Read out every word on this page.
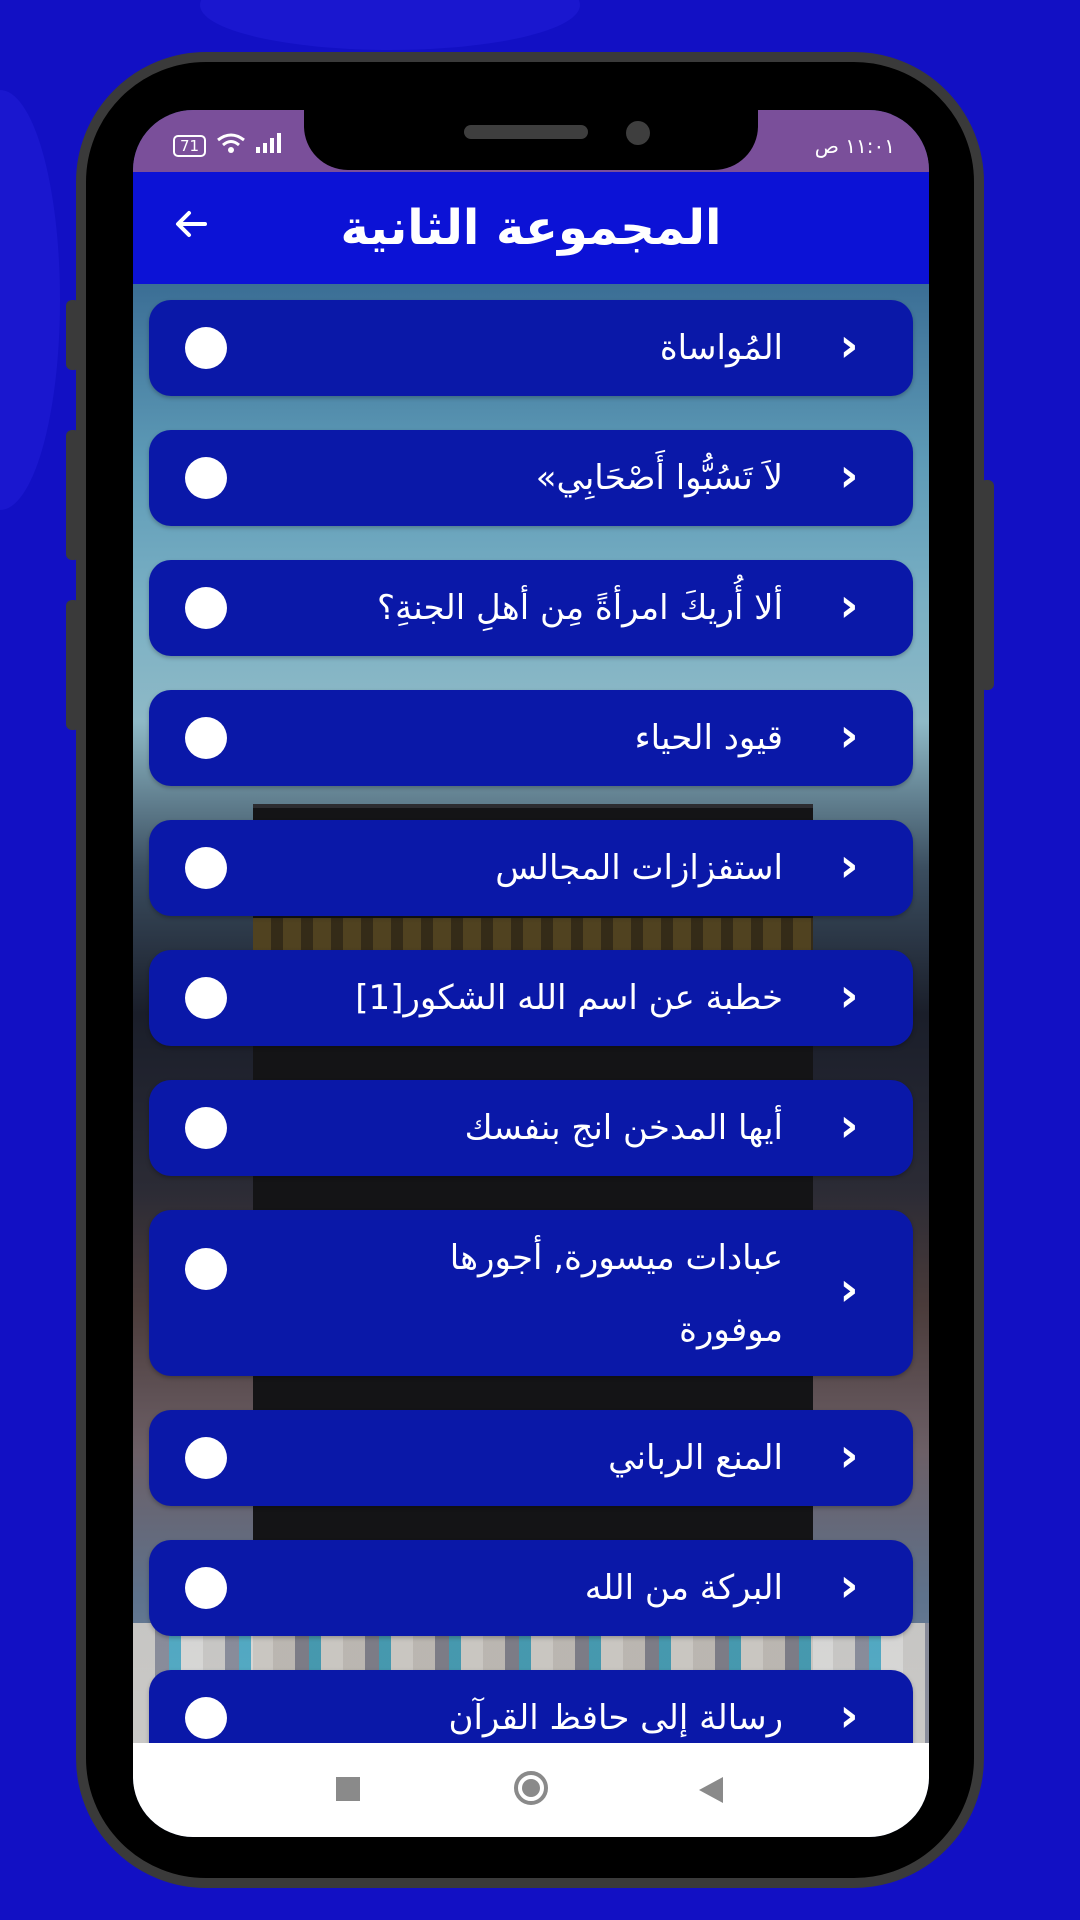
71	١١:٠١ ص
المجموعة الثانية
المُواساة ›
لاَ تَسُبُّوا أَصْحَابِي» ›
ألا أُريكَ امرأةً مِن أهلِ الجنةِ؟ ›
قيود الحياء ›
استفزازات المجالس ›
خطبة عن اسم الله الشكور[1] ›
أيها المدخن انج بنفسك ›
عبادات ميسورة, أجورها موفورة
›
المنع الرباني ›
البركة من الله ›
رسالة إلى حافظ القرآن ›
